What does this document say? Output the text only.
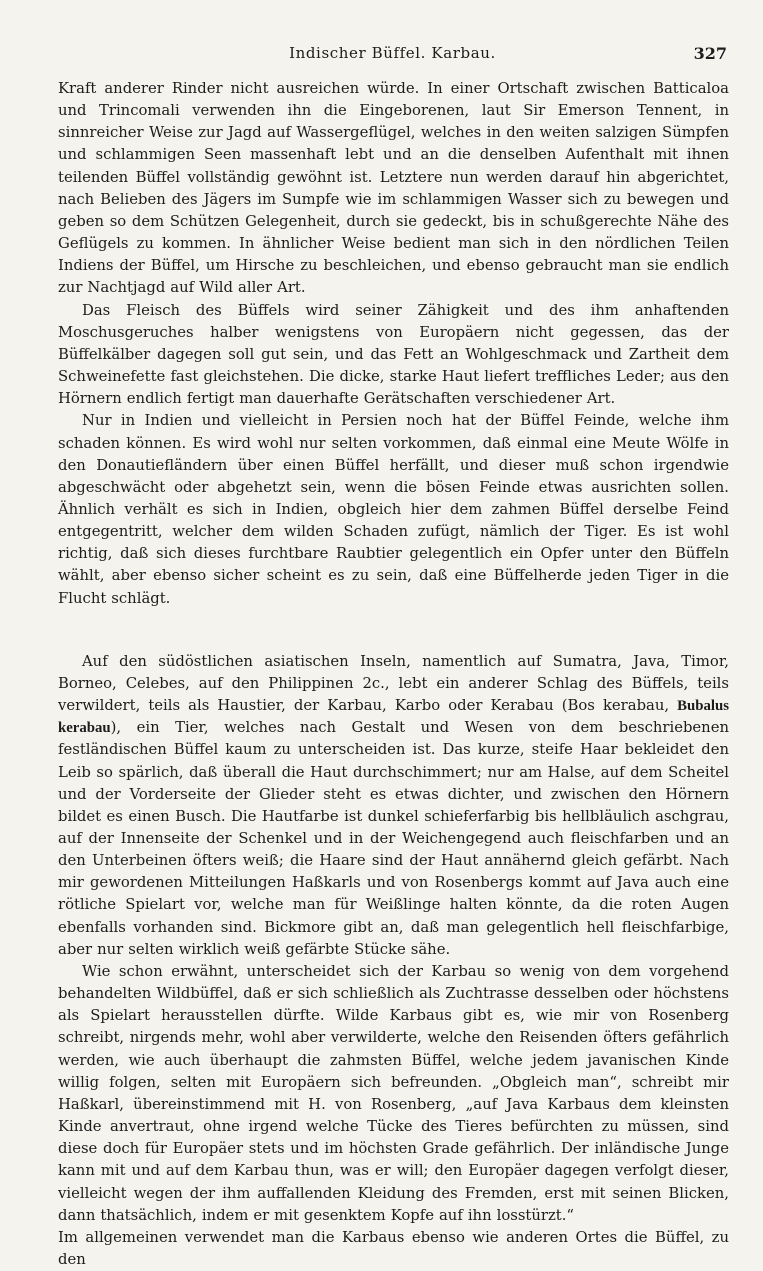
Indischer Büffel. Karbau.	327

Kraft anderer Rinder nicht ausreichen würde. In einer Ortschaft zwischen Batticaloa und Trincomali verwenden ihn die Eingeborenen, laut Sir Emerson Tennent, in sinnreicher Weise zur Jagd auf Wassergeflügel, welches in den weiten salzigen Sümpfen und schlammigen Seen massenhaft lebt und an die denselben Aufenthalt mit ihnen teilenden Büffel vollständig gewöhnt ist. Letztere nun werden darauf hin abgerichtet, nach Belieben des Jägers im Sumpfe wie im schlammigen Wasser sich zu bewegen und geben so dem Schützen Gelegenheit, durch sie gedeckt, bis in schußgerechte Nähe des Geflügels zu kommen. In ähnlicher Weise bedient man sich in den nördlichen Teilen Indiens der Büffel, um Hirsche zu beschleichen, und ebenso gebraucht man sie endlich zur Nachtjagd auf Wild aller Art.

Das Fleisch des Büffels wird seiner Zähigkeit und des ihm anhaftenden Moschusgeruches halber wenigstens von Europäern nicht gegessen, das der Büffelkälber dagegen soll gut sein, und das Fett an Wohlgeschmack und Zartheit dem Schweinefette fast gleichstehen. Die dicke, starke Haut liefert treffliches Leder; aus den Hörnern endlich fertigt man dauerhafte Gerätschaften verschiedener Art.

Nur in Indien und vielleicht in Persien noch hat der Büffel Feinde, welche ihm schaden können. Es wird wohl nur selten vorkommen, daß einmal eine Meute Wölfe in den Donautiefländern über einen Büffel herfällt, und dieser muß schon irgendwie abgeschwächt oder abgehetzt sein, wenn die bösen Feinde etwas ausrichten sollen. Ähnlich verhält es sich in Indien, obgleich hier dem zahmen Büffel derselbe Feind entgegentritt, welcher dem wilden Schaden zufügt, nämlich der Tiger. Es ist wohl richtig, daß sich dieses furchtbare Raubtier gelegentlich ein Opfer unter den Büffeln wählt, aber ebenso sicher scheint es zu sein, daß eine Büffelherde jeden Tiger in die Flucht schlägt.

Auf den südöstlichen asiatischen Inseln, namentlich auf Sumatra, Java, Timor, Borneo, Celebes, auf den Philippinen 2c., lebt ein anderer Schlag des Büffels, teils verwildert, teils als Haustier, der Karbau, Karbo oder Kerabau (Bos kerabau, Bubalus kerabau), ein Tier, welches nach Gestalt und Wesen von dem beschriebenen festländischen Büffel kaum zu unterscheiden ist. Das kurze, steife Haar bekleidet den Leib so spärlich, daß überall die Haut durchschimmert; nur am Halse, auf dem Scheitel und der Vorderseite der Glieder steht es etwas dichter, und zwischen den Hörnern bildet es einen Busch. Die Hautfarbe ist dunkel schieferfarbig bis hellbläulich aschgrau, auf der Innenseite der Schenkel und in der Weichengegend auch fleischfarben und an den Unterbeinen öfters weiß; die Haare sind der Haut annähernd gleich gefärbt. Nach mir gewordenen Mitteilungen Haßkarls und von Rosenbergs kommt auf Java auch eine rötliche Spielart vor, welche man für Weißlinge halten könnte, da die roten Augen ebenfalls vorhanden sind. Bickmore gibt an, daß man gelegentlich hell fleischfarbige, aber nur selten wirklich weiß gefärbte Stücke sähe.

Wie schon erwähnt, unterscheidet sich der Karbau so wenig von dem vorgehend behandelten Wildbüffel, daß er sich schließlich als Zuchtrasse desselben oder höchstens als Spielart herausstellen dürfte. Wilde Karbaus gibt es, wie mir von Rosenberg schreibt, nirgends mehr, wohl aber verwilderte, welche den Reisenden öfters gefährlich werden, wie auch überhaupt die zahmsten Büffel, welche jedem javanischen Kinde willig folgen, selten mit Europäern sich befreunden. „Obgleich man“, schreibt mir Haßkarl, übereinstimmend mit H. von Rosenberg, „auf Java Karbaus dem kleinsten Kinde anvertraut, ohne irgend welche Tücke des Tieres befürchten zu müssen, sind diese doch für Europäer stets und im höchsten Grade gefährlich. Der inländische Junge kann mit und auf dem Karbau thun, was er will; den Europäer dagegen verfolgt dieser, vielleicht wegen der ihm auffallenden Kleidung des Fremden, erst mit seinen Blicken, dann thatsächlich, indem er mit gesenktem Kopfe auf ihn losstürzt.“

Im allgemeinen verwendet man die Karbaus ebenso wie anderen Ortes die Büffel, zu den
